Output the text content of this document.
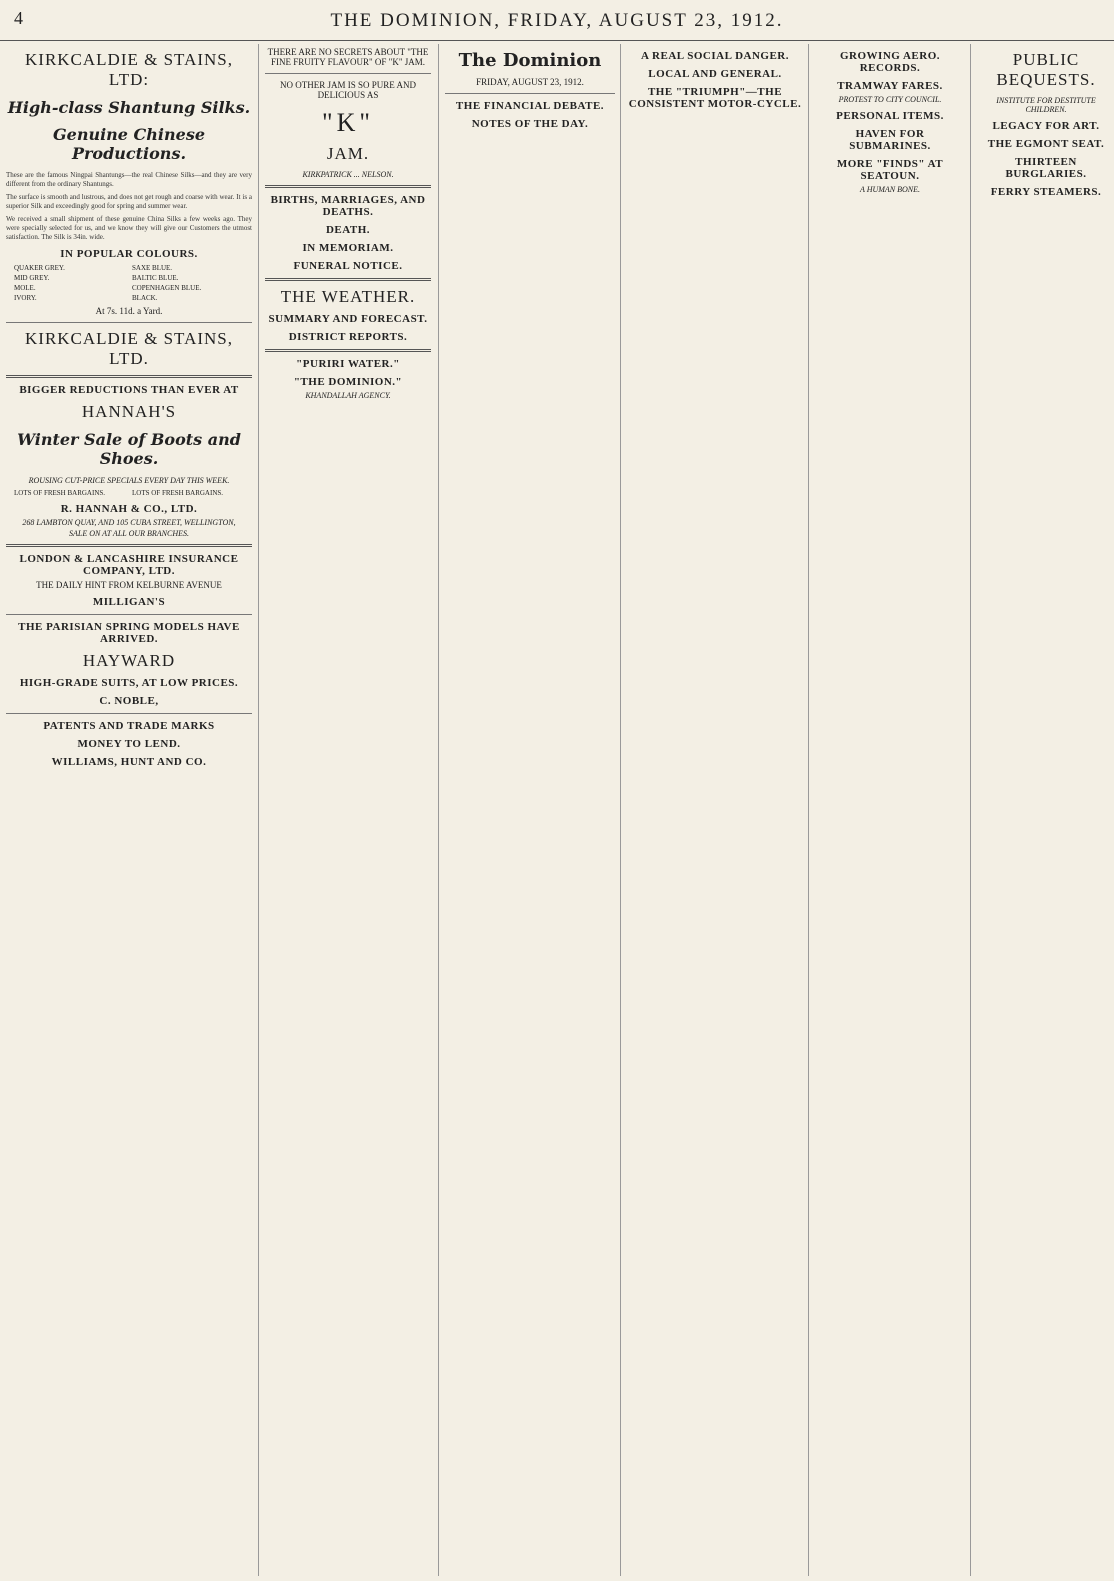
4	THE DOMINION, FRIDAY, AUGUST 23, 1912.
KIRKCALDIE & STAINS, LTD:
High-class Shantung Silks.
Genuine Chinese Productions.

These are the famous Ningpai Shantungs—the real Chinese Silks—and they are very different from the ordinary Shantungs.

The surface is smooth and lustrous, and does not get rough and coarse with wear. It is a superior Silk and exceedingly good for spring and summer wear.

We received a small shipment of these genuine China Silks a few weeks ago. They were specially selected for us, and we know they will give our Customers the utmost satisfaction. The Silk is 34in. wide.

IN POPULAR COLOURS.
QUAKER GREY.	SAXE BLUE.
MID GREY.	BALTIC BLUE.
MOLE.	COPENHAGEN BLUE.
IVORY.	BLACK.
At 7s. 11d. a Yard.
KIRKCALDIE & STAINS, LTD.
BIGGER REDUCTIONS THAN EVER AT
HANNAH'S
Winter Sale of Boots and Shoes.
ROUSING CUT-PRICE SPECIALS EVERY DAY THIS WEEK.
LOTS OF FRESH BARGAINS.	LOTS OF FRESH BARGAINS.
R. HANNAH & CO., LTD.
268 LAMBTON QUAY, AND 105 CUBA STREET, WELLINGTON,
SALE ON AT ALL OUR BRANCHES.
LONDON & LANCASHIRE INSURANCE COMPANY, LTD.
THE DAILY HINT FROM KELBURNE AVENUE
MILLIGAN'S
THE PARISIAN SPRING MODELS HAVE ARRIVED.
HAYWARD
HIGH-GRADE SUITS, AT LOW PRICES.
C. NOBLE,
PATENTS AND TRADE MARKS
MONEY TO LEND.
WILLIAMS, HUNT AND CO.
THERE ARE NO SECRETS ABOUT "THE FINE FRUITY FLAVOUR" OF "K" JAM.
NO OTHER JAM IS SO PURE AND DELICIOUS AS
"K"
JAM.
KIRKPATRICK ... NELSON.
BIRTHS, MARRIAGES, AND DEATHS.
DEATH.
IN MEMORIAM.
FUNERAL NOTICE.
THE WEATHER.
SUMMARY AND FORECAST.
DISTRICT REPORTS.
"PURIRI WATER."
"THE DOMINION."
KHANDALLAH AGENCY.
The Dominion
FRIDAY, AUGUST 23, 1912.
THE FINANCIAL DEBATE.
NOTES OF THE DAY.
A REAL SOCIAL DANGER.
LOCAL AND GENERAL.
THE "TRIUMPH"—THE CONSISTENT MOTOR-CYCLE.
GROWING AERO. RECORDS.
TRAMWAY FARES.
PROTEST TO CITY COUNCIL.
PERSONAL ITEMS.
HAVEN FOR SUBMARINES.
MORE "FINDS" AT SEATOUN.
A HUMAN BONE.
PUBLIC BEQUESTS.
INSTITUTE FOR DESTITUTE CHILDREN.
LEGACY FOR ART.
THE EGMONT SEAT.
THIRTEEN BURGLARIES.
FERRY STEAMERS.
